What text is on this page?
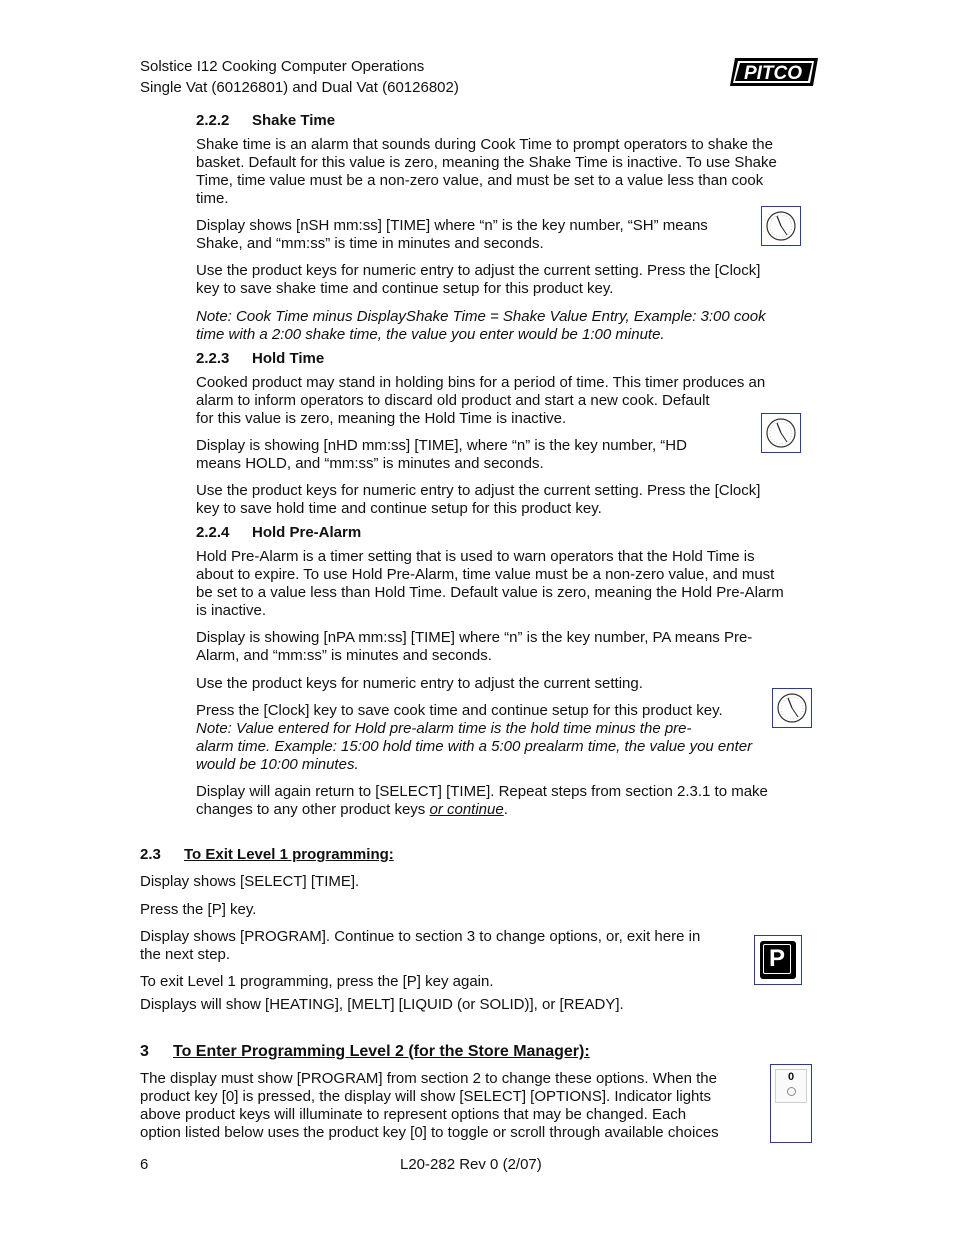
Solstice I12 Cooking Computer Operations
Single Vat (60126801) and Dual Vat (60126802)
PITCO
2.2.2 Shake Time
Shake time is an alarm that sounds during Cook Time to prompt operators to shake the
basket. Default for this value is zero, meaning the Shake Time is inactive. To use Shake
Time, time value must be a non-zero value, and must be set to a value less than cook
time.
Display shows [nSH mm:ss] [TIME] where “n” is the key number, “SH” means
Shake, and “mm:ss” is time in minutes and seconds.
Use the product keys for numeric entry to adjust the current setting. Press the [Clock]
key to save shake time and continue setup for this product key.
Note: Cook Time minus DisplayShake Time = Shake Value Entry, Example: 3:00 cook
time with a 2:00 shake time, the value you enter would be 1:00 minute.
2.2.3 Hold Time
Cooked product may stand in holding bins for a period of time. This timer produces an
alarm to inform operators to discard old product and start a new cook. Default
for this value is zero, meaning the Hold Time is inactive.
Display is showing [nHD mm:ss] [TIME], where “n” is the key number, “HD
means HOLD, and “mm:ss” is minutes and seconds.
Use the product keys for numeric entry to adjust the current setting. Press the [Clock]
key to save hold time and continue setup for this product key.
2.2.4 Hold Pre-Alarm
Hold Pre-Alarm is a timer setting that is used to warn operators that the Hold Time is
about to expire. To use Hold Pre-Alarm, time value must be a non-zero value, and must
be set to a value less than Hold Time. Default value is zero, meaning the Hold Pre-Alarm
is inactive.
Display is showing [nPA mm:ss] [TIME] where “n” is the key number, PA means Pre-
Alarm, and “mm:ss” is minutes and seconds.
Use the product keys for numeric entry to adjust the current setting.
Press the [Clock] key to save cook time and continue setup for this product key.
Note: Value entered for Hold pre-alarm time is the hold time minus the pre-
alarm time. Example: 15:00 hold time with a 5:00 prealarm time, the value you enter
would be 10:00 minutes.
Display will again return to [SELECT] [TIME]. Repeat steps from section 2.3.1 to make
changes to any other product keys or continue.
2.3 To Exit Level 1 programming:
Display shows [SELECT] [TIME].
Press the [P] key.
Display shows [PROGRAM]. Continue to section 3 to change options, or, exit here in
the next step.
To exit Level 1 programming, press the [P] key again.
Displays will show [HEATING], [MELT] [LIQUID (or SOLID)], or [READY].
P
3 To Enter Programming Level 2 (for the Store Manager):
The display must show [PROGRAM] from section 2 to change these options. When the
product key [0] is pressed, the display will show [SELECT] [OPTIONS]. Indicator lights
above product keys will illuminate to represent options that may be changed. Each
option listed below uses the product key [0] to toggle or scroll through available choices
0
6	L20-282 Rev 0 (2/07)
